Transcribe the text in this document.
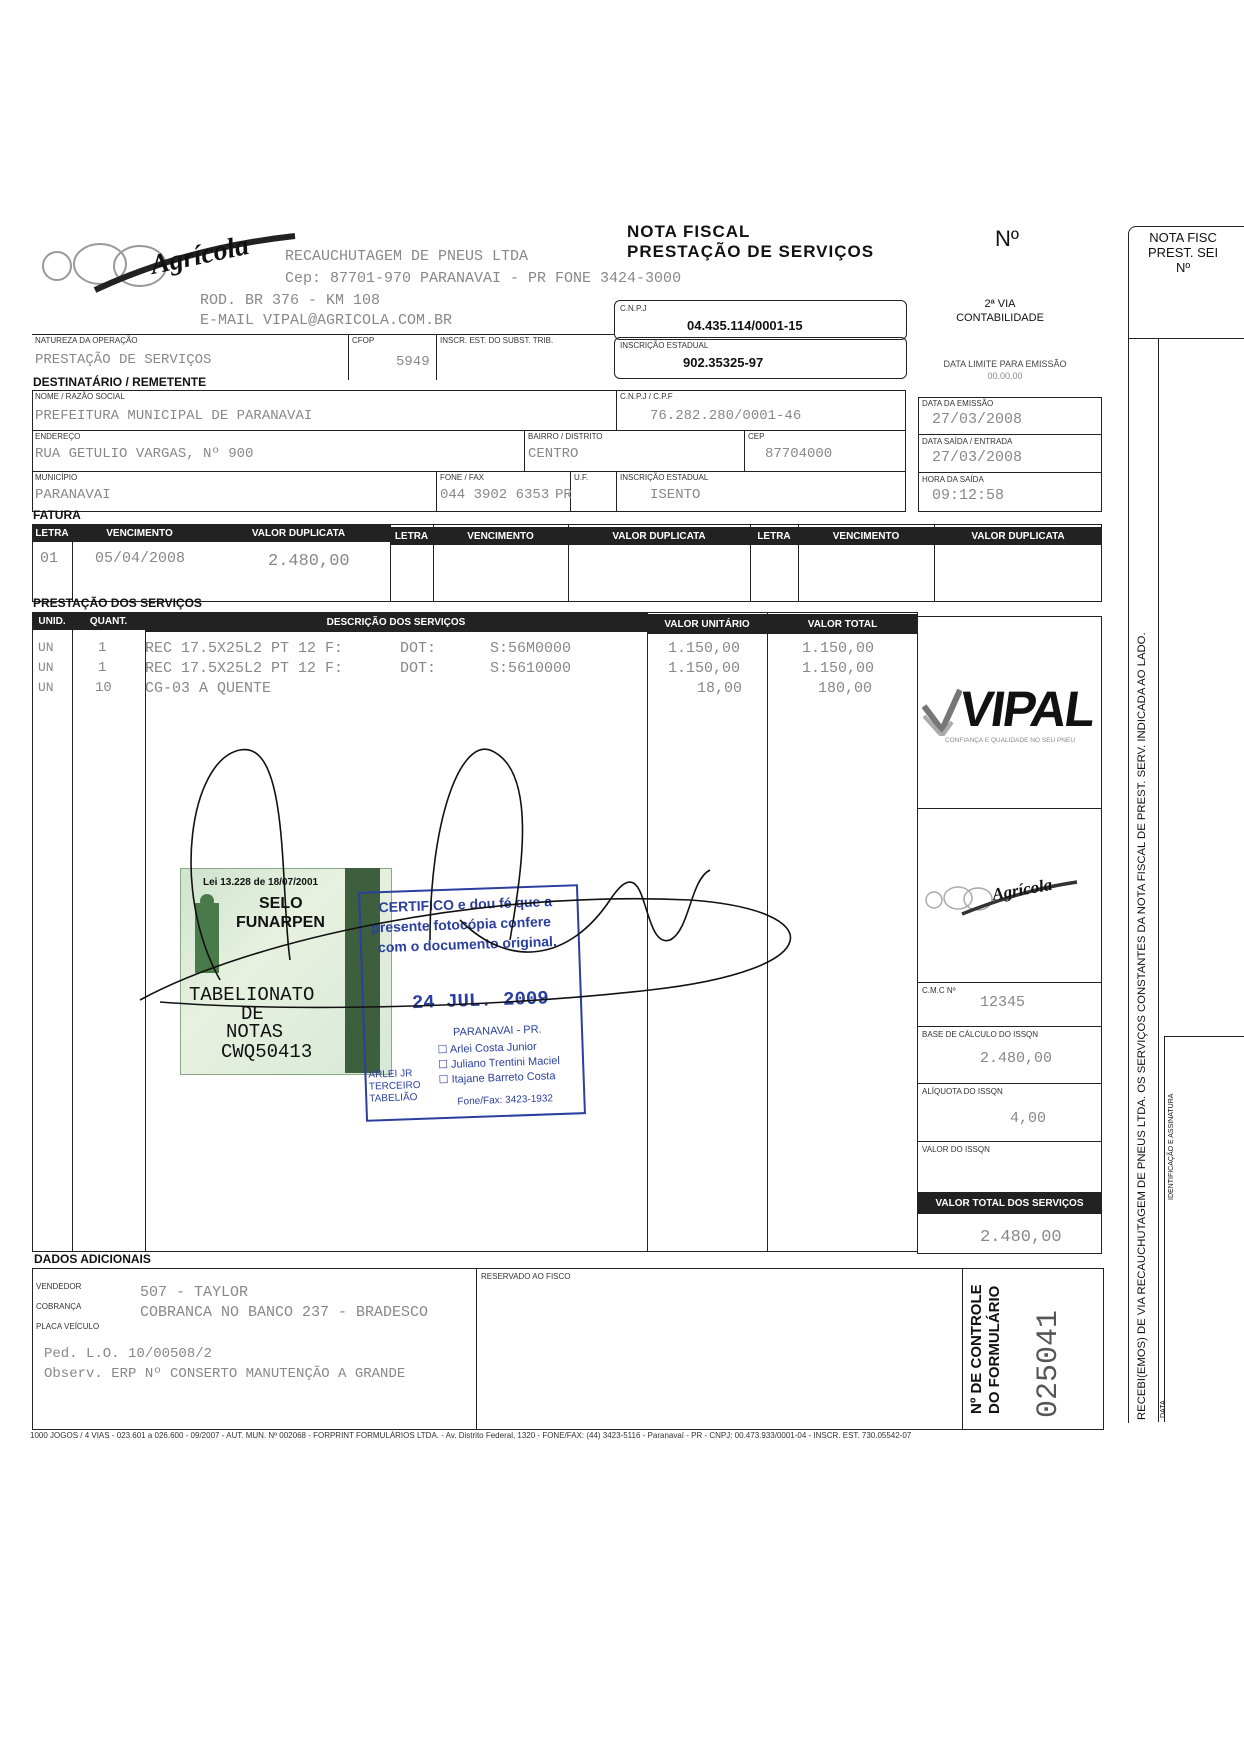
Agrícola RECAUCHUTAGEM DE PNEUS LTDA
Cep: 87701-970 PARANAVAI - PR FONE 3424-3000
ROD. BR 376 - KM 108
E-MAIL VIPAL@AGRICOLA.COM.BR
NOTA FISCAL
PRESTAÇÃO DE SERVIÇOS
Nº
2ª VIA
CONTABILIDADE
DATA LIMITE PARA EMISSÃO
00.00.00
C.N.P.J
04.435.114/0001-15
INSCRIÇÃO ESTADUAL
902.35325-97
NATUREZA DA OPERAÇÃO
PRESTAÇÃO DE SERVIÇOS
CFOP
5949
INSCR. EST. DO SUBST. TRIB.
DESTINATÁRIO / REMETENTE
NOME / RAZÃO SOCIAL
PREFEITURA MUNICIPAL DE PARANAVAI
C.N.P.J / C.P.F
76.282.280/0001-46
ENDEREÇO
RUA GETULIO VARGAS, Nº 900
BAIRRO / DISTRITO
CENTRO
CEP
87704000
MUNICÍPIO
PARANAVAI
FONE / FAX
044 3902 6353
U.F.
PR
INSCRIÇÃO ESTADUAL
ISENTO
DATA DA EMISSÃO
27/03/2008
DATA SAÍDA / ENTRADA
27/03/2008
HORA DA SAÍDA
09:12:58
FATURA
LETRA	VENCIMENTO	VALOR DUPLICATA	LETRA	VENCIMENTO	VALOR DUPLICATA	LETRA	VENCIMENTO	VALOR DUPLICATA
01 05/04/2008	2.480,00
PRESTAÇÃO DOS SERVIÇOS
UNID.	QUANT.	DESCRIÇÃO DOS SERVIÇOS	VALOR UNITÁRIO	VALOR TOTAL
UN	1	REC 17.5X25L2 PT 12 F:	DOT:	S:56M0000	1.150,00	1.150,00
UN	1	REC 17.5X25L2 PT 12 F:	DOT:	S:5610000	1.150,00	1.150,00
UN	10 CG-03 A QUENTE	18,00	180,00 VIPAL
CONFIANÇA E QUALIDADE NO SEU PNEU
Agrícola
C.M.C Nº
12345
BASE DE CÁLCULO DO ISSQN
2.480,00
ALÍQUOTA DO ISSQN
4,00
VALOR DO ISSQN
VALOR TOTAL DOS SERVIÇOS
2.480,00
Lei 13.228 de 18/07/2001
SELO
FUNARPEN
TABELIONATO
DE
NOTAS
CWQ50413
CERTIFICO e dou fé que a
presente fotocópia confere
com o documento original.
24 JUL. 2009
PARANAVAI - PR.
ARLEI JR
TERCEIRO
TABELIÃO
☐ Arlei Costa Junior
☐ Juliano Trentini Maciel
☐ Itajane Barreto Costa
Fone/Fax: 3423-1932
DADOS ADICIONAIS
VENDEDOR	507 - TAYLOR
COBRANÇA	COBRANCA NO BANCO 237 - BRADESCO
PLACA VEÍCULO
Ped. L.O. 10/00508/2
Observ. ERP Nº CONSERTO MANUTENÇÃO A GRANDE
RESERVADO AO FISCO
Nº DE CONTROLE DO FORMULÁRIO 025041
1000 JOGOS / 4 VIAS - 023.601 a 026.600 - 09/2007 - AUT. MUN. Nº 002068 - FORPRINT FORMULÁRIOS LTDA. - Av. Distrito Federal, 1320 - FONE/FAX: (44) 3423-5116 - Paranavaí - PR - CNPJ: 00.473.933/0001-04 - INSCR. EST. 730.05542-07
NOTA FISC
PREST. SEI
Nº
RECEBI(EMOS) DE VIA RECAUCHUTAGEM DE PNEUS LTDA. OS SERVIÇOS CONSTANTES DA NOTA FISCAL DE PREST. SERV. INDICADA AO LADO. DATA
IDENTIFICAÇÃO E ASSINATURA
